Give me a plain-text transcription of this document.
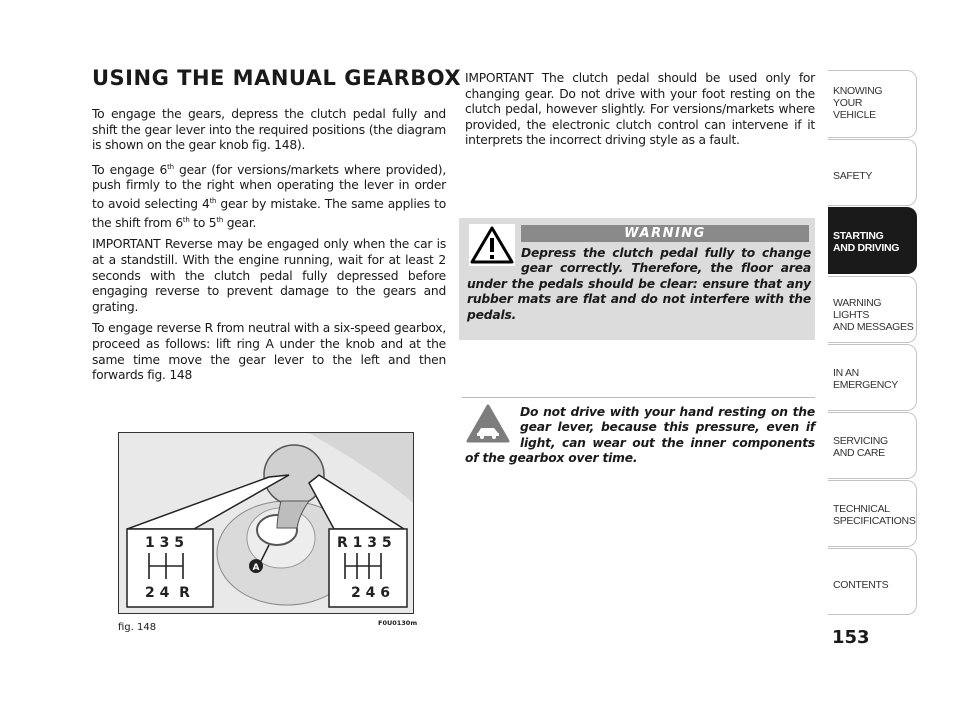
USING THE MANUAL GEARBOX

To engage the gears, depress the clutch pedal fully and shift the gear lever into the required positions (the diagram is shown on the gear knob fig. 148).

To engage 6th gear (for versions/markets where provided), push firmly to the right when operating the lever in order to avoid selecting 4th gear by mistake. The same applies to the shift from 6th to 5th gear.

IMPORTANT Reverse may be engaged only when the car is at a standstill. With the engine running, wait for at least 2 seconds with the clutch pedal fully depressed before engaging reverse to prevent damage to the gears and grating.

To engage reverse R from neutral with a six-speed gearbox, proceed as follows: lift ring A under the knob and at the same time move the gear lever to the left and then forwards fig. 148

IMPORTANT The clutch pedal should be used only for changing gear. Do not drive with your foot resting on the clutch pedal, however slightly. For versions/markets where provided, the electronic clutch control can intervene if it interprets the incorrect driving style as a fault.

WARNING
Depress the clutch pedal fully to change gear correctly. Therefore, the floor area under the pedals should be clear: ensure that any rubber mats are flat and do not interfere with the pedals.

Do not drive with your hand resting on the gear lever, because this pressure, even if light, can wear out the inner components of the gearbox over time.

1 3 5
2 4  R
R 1 3 5
2 4 6
A

fig. 148	F0U0130m

KNOWING
YOUR
VEHICLE
SAFETY
STARTING
AND DRIVING
WARNING LIGHTS
AND MESSAGES
IN AN
EMERGENCY
SERVICING
AND CARE
TECHNICAL
SPECIFICATIONS
CONTENTS

153
